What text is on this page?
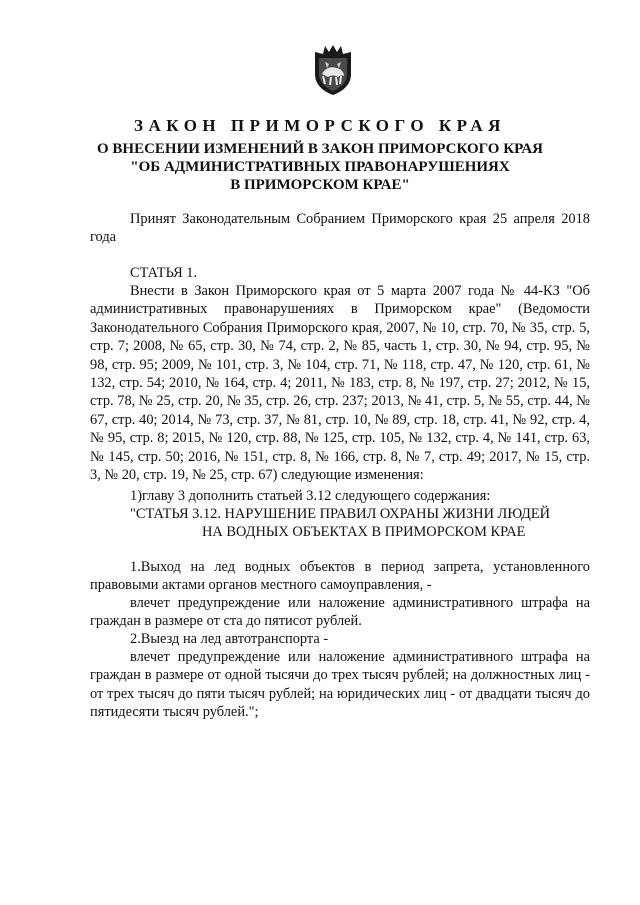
ЗАКОН ПРИМОРСКОГО КРАЯ
О ВНЕСЕНИИ ИЗМЕНЕНИЙ В ЗАКОН ПРИМОРСКОГО КРАЯ
"ОБ АДМИНИСТРАТИВНЫХ ПРАВОНАРУШЕНИЯХ
В ПРИМОРСКОМ КРАЕ"
Принят Законодательным Собранием Приморского края 25 апреля 2018 года
СТАТЬЯ 1.
Внести в Закон Приморского края от 5 марта 2007 года № 44-КЗ "Об административных правонарушениях в Приморском крае" (Ведомости Законодательного Собрания Приморского края, 2007, № 10, стр. 70, № 35, стр. 5, стр. 7; 2008, № 65, стр. 30, № 74, стр. 2, № 85, часть 1, стр. 30, № 94, стр. 95, № 98, стр. 95; 2009, № 101, стр. 3, № 104, стр. 71, № 118, стр. 47, № 120, стр. 61, № 132, стр. 54; 2010, № 164, стр. 4; 2011, № 183, стр. 8, № 197, стр. 27; 2012, № 15, стр. 78, № 25, стр. 20, № 35, стр. 26, стр. 237; 2013, № 41, стр. 5, № 55, стр. 44, № 67, стр. 40; 2014, № 73, стр. 37, № 81, стр. 10, № 89, стр. 18, стр. 41, № 92, стр. 4, № 95, стр. 8; 2015, № 120, стр. 88, № 125, стр. 105, № 132, стр. 4, № 141, стр. 63, № 145, стр. 50; 2016, № 151, стр. 8, № 166, стр. 8, № 7, стр. 49; 2017, № 15, стр. 3, № 20, стр. 19, № 25, стр. 67) следующие изменения:
1)главу 3 дополнить статьей 3.12 следующего содержания:
"СТАТЬЯ 3.12. НАРУШЕНИЕ ПРАВИЛ ОХРАНЫ ЖИЗНИ ЛЮДЕЙ
НА ВОДНЫХ ОБЪЕКТАХ В ПРИМОРСКОМ КРАЕ
1.Выход на лед водных объектов в период запрета, установленного правовыми актами органов местного самоуправления, -
влечет предупреждение или наложение административного штрафа на граждан в размере от ста до пятисот рублей.
2.Выезд на лед автотранспорта -
влечет предупреждение или наложение административного штрафа на граждан в размере от одной тысячи до трех тысяч рублей; на должностных лиц - от трех тысяч до пяти тысяч рублей; на юридических лиц - от двадцати тысяч до пятидесяти тысяч рублей.";
